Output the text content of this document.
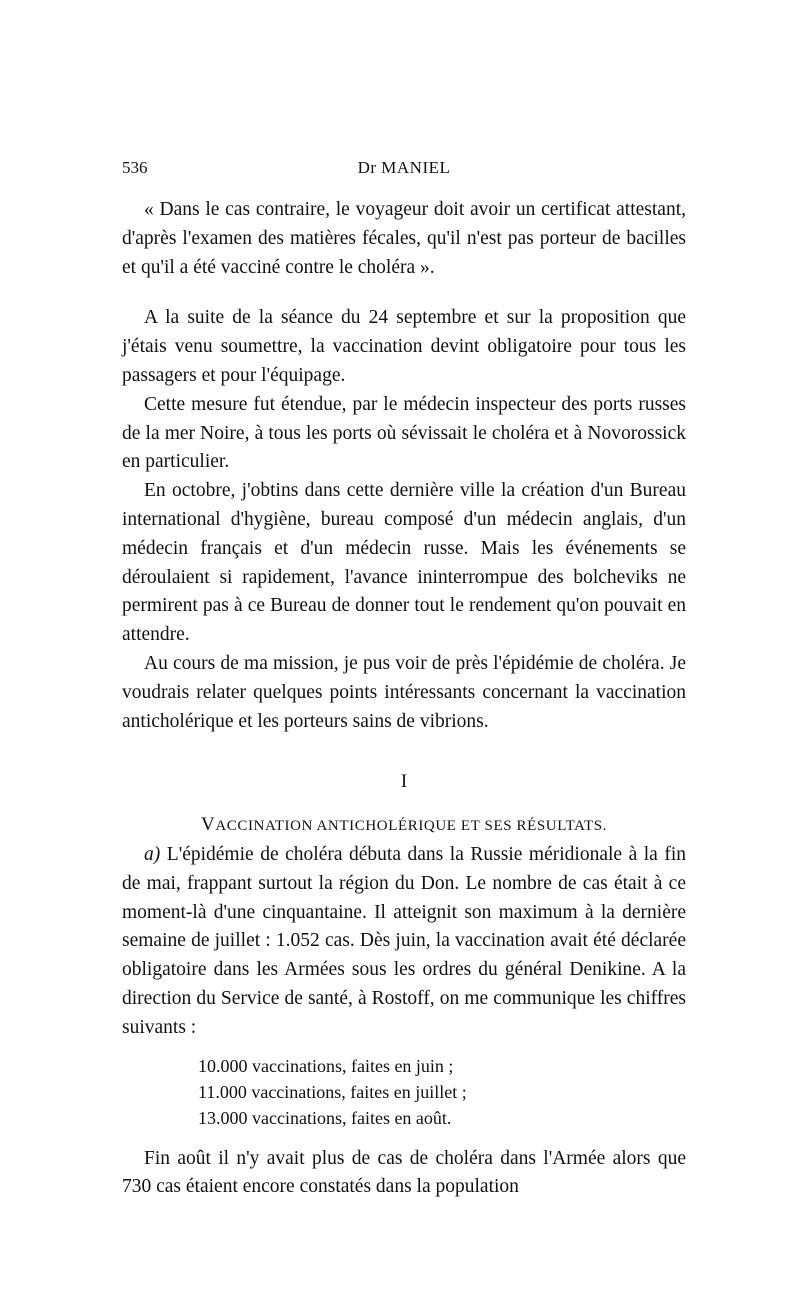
536	Dr MANIEL

« Dans le cas contraire, le voyageur doit avoir un certificat attestant, d'après l'examen des matières fécales, qu'il n'est pas porteur de bacilles et qu'il a été vacciné contre le choléra ».

A la suite de la séance du 24 septembre et sur la proposition que j'étais venu soumettre, la vaccination devint obligatoire pour tous les passagers et pour l'équipage.

Cette mesure fut étendue, par le médecin inspecteur des ports russes de la mer Noire, à tous les ports où sévissait le choléra et à Novorossick en particulier.

En octobre, j'obtins dans cette dernière ville la création d'un Bureau international d'hygiène, bureau composé d'un médecin anglais, d'un médecin français et d'un médecin russe. Mais les événements se déroulaient si rapidement, l'avance ininterrompue des bolcheviks ne permirent pas à ce Bureau de donner tout le rendement qu'on pouvait en attendre.

Au cours de ma mission, je pus voir de près l'épidémie de choléra. Je voudrais relater quelques points intéressants concernant la vaccination anticholérique et les porteurs sains de vibrions.

I
VACCINATION ANTICHOLÉRIQUE ET SES RÉSULTATS.

a) L'épidémie de choléra débuta dans la Russie méridionale à la fin de mai, frappant surtout la région du Don. Le nombre de cas était à ce moment-là d'une cinquantaine. Il atteignit son maximum à la dernière semaine de juillet : 1.052 cas. Dès juin, la vaccination avait été déclarée obligatoire dans les Armées sous les ordres du général Denikine. A la direction du Service de santé, à Rostoff, on me communique les chiffres suivants :

10.000 vaccinations, faites en juin ;
11.000 vaccinations, faites en juillet ;
13.000 vaccinations, faites en août.

Fin août il n'y avait plus de cas de choléra dans l'Armée alors que 730 cas étaient encore constatés dans la population
